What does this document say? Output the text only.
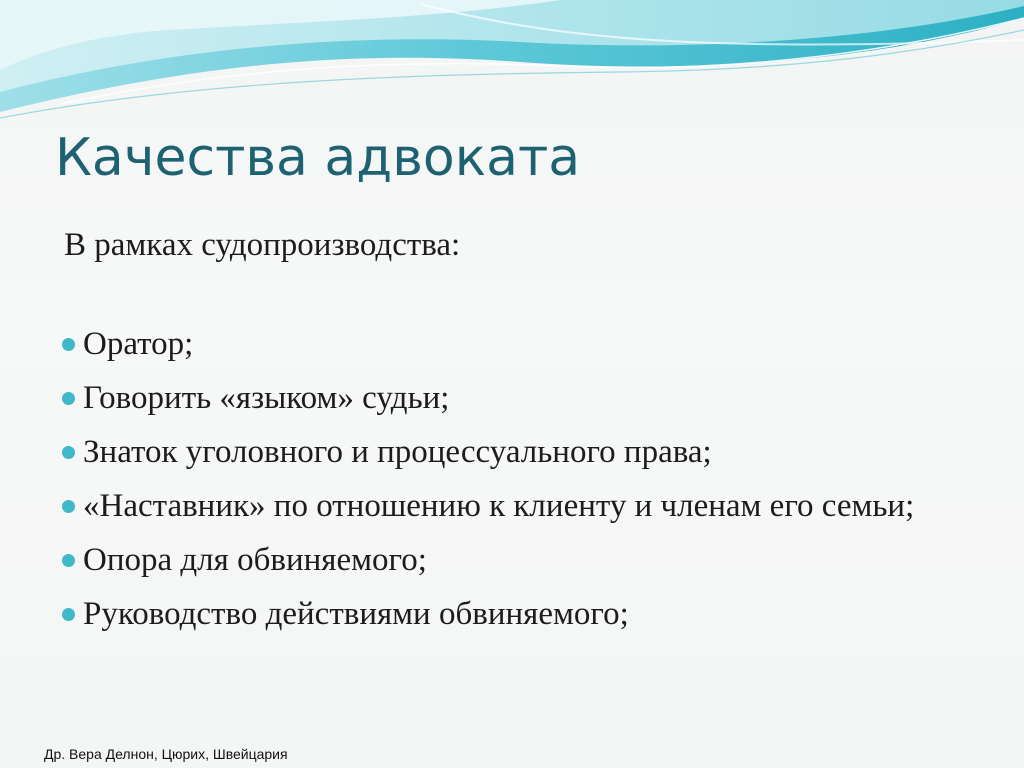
Качества адвоката

В рамках судопроизводства:

Оратор;
Говорить «языком» судьи;
Знаток уголовного и процессуального права;
«Наставник» по отношению к клиенту и членам его семьи;
Опора для обвиняемого;
Руководство действиями обвиняемого;
Др. Вера Делнон, Цюрих, Швейцария
